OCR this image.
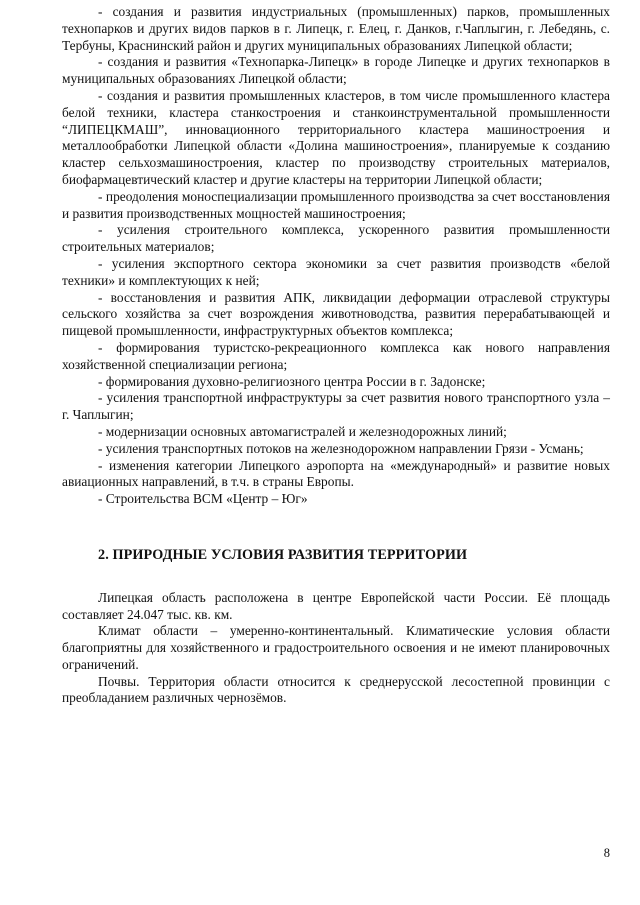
- создания и развития индустриальных (промышленных) парков, промышленных технопарков и других видов парков в г. Липецк, г. Елец, г. Данков, г.Чаплыгин, г. Лебедянь, с. Тербуны, Краснинский район и других муниципальных образованиях Липецкой области;

- создания и развития «Технопарка-Липецк» в городе Липецке и других технопарков в муниципальных образованиях Липецкой области;

- создания и развития промышленных кластеров, в том числе промышленного кластера белой техники, кластера станкостроения и станкоинструментальной промышленности “ЛИПЕЦКМАШ”, инновационного территориального кластера машиностроения и металлообработки Липецкой области «Долина машиностроения», планируемые к созданию кластер сельхозмашиностроения, кластер по производству строительных материалов, биофармацевтический кластер и другие кластеры на территории Липецкой области;

- преодоления моноспециализации промышленного производства за счет восстановления и развития производственных мощностей машиностроения;

- усиления строительного комплекса, ускоренного развития промышленности строительных материалов;

- усиления экспортного сектора экономики за счет развития производств «белой техники» и комплектующих к ней;

- восстановления и развития АПК, ликвидации деформации отраслевой структуры сельского хозяйства за счет возрождения животноводства, развития перерабатывающей и пищевой промышленности, инфраструктурных объектов комплекса;

- формирования туристско-рекреационного комплекса как нового направления хозяйственной специализации региона;

- формирования духовно-религиозного центра России в г. Задонске;

- усиления транспортной инфраструктуры за счет развития нового транспортного узла – г. Чаплыгин;

- модернизации основных автомагистралей и железнодорожных линий;

- усиления транспортных потоков на железнодорожном направлении Грязи - Усмань;

- изменения категории Липецкого аэропорта на «международный» и развитие новых авиационных направлений, в т.ч. в страны Европы.

- Строительства ВСМ «Центр – Юг»

2. ПРИРОДНЫЕ УСЛОВИЯ РАЗВИТИЯ ТЕРРИТОРИИ

Липецкая область расположена в центре Европейской части России. Её площадь составляет 24.047 тыс. кв. км.

Климат области – умеренно-континентальный. Климатические условия области благоприятны для хозяйственного и градостроительного освоения и не имеют планировочных ограничений.

Почвы. Территория области относится к среднерусской лесостепной провинции с преобладанием различных чернозёмов.

8
